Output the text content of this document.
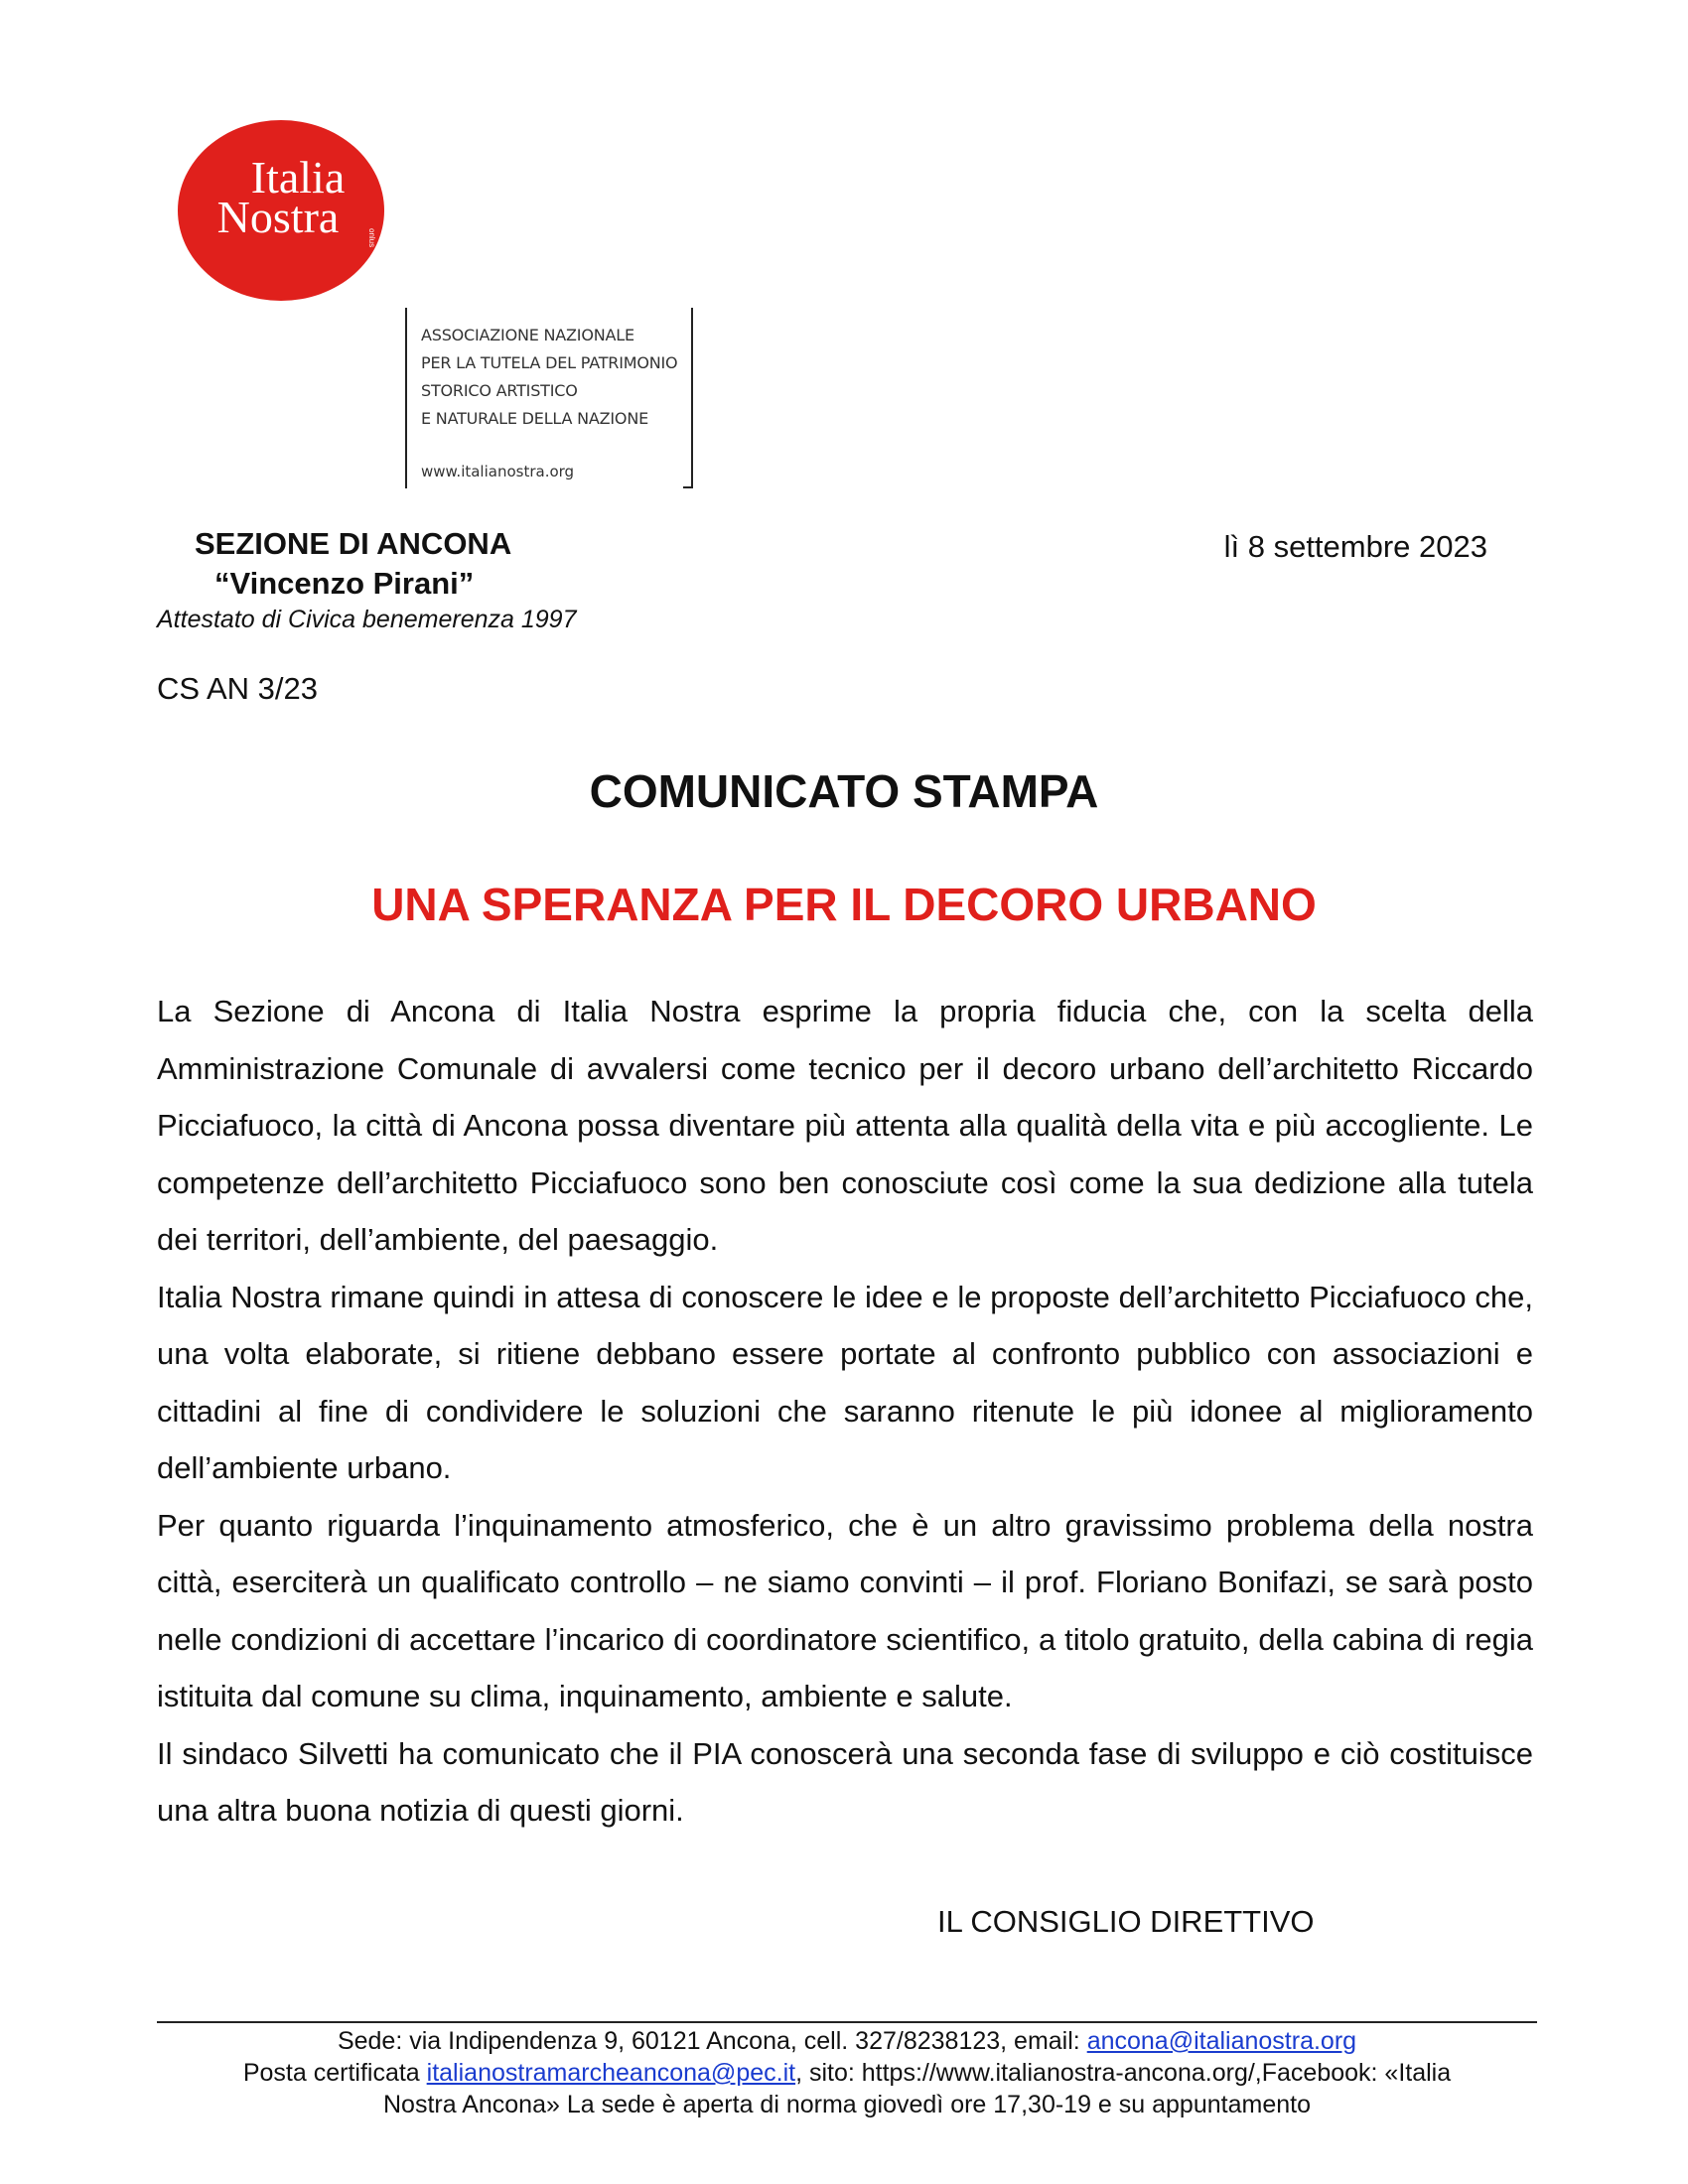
Italia
Nostra	onlus
ASSOCIAZIONE NAZIONALE
PER LA TUTELA DEL PATRIMONIO
STORICO ARTISTICO
E NATURALE DELLA NAZIONE
www.italianostra.org
SEZIONE DI ANCONA
“Vincenzo Pirani”
Attestato di Civica benemerenza 1997
lì 8 settembre 2023
CS AN 3/23
COMUNICATO STAMPA
UNA SPERANZA PER IL DECORO URBANO

La Sezione di Ancona di Italia Nostra esprime la propria fiducia che, con la scelta della Amministrazione Comunale di avvalersi come tecnico per il decoro urbano dell’architetto Riccardo Picciafuoco, la città di Ancona possa diventare più attenta alla qualità della vita e più accogliente. Le competenze dell’architetto Picciafuoco sono ben conosciute così come la sua dedizione alla tutela dei territori, dell’ambiente, del paesaggio.

Italia Nostra rimane quindi in attesa di conoscere le idee e le proposte dell’architetto Picciafuoco che, una volta elaborate, si ritiene debbano essere portate al confronto pubblico con associazioni e cittadini al fine di condividere le soluzioni che saranno ritenute le più idonee al miglioramento dell’ambiente urbano.

Per quanto riguarda l’inquinamento atmosferico, che è un altro gravissimo problema della nostra città, eserciterà un qualificato controllo – ne siamo convinti – il prof. Floriano Bonifazi, se sarà posto nelle condizioni di accettare l’incarico di coordinatore scientifico, a titolo gratuito, della cabina di regia istituita dal comune su clima, inquinamento, ambiente e salute.

Il sindaco Silvetti ha comunicato che il PIA conoscerà una seconda fase di sviluppo e ciò costituisce una altra buona notizia di questi giorni.

IL CONSIGLIO DIRETTIVO
Sede: via Indipendenza 9, 60121 Ancona, cell. 327/8238123, email: ancona@italianostra.org
Posta certificata italianostramarcheancona@pec.it, sito: https://www.italianostra-ancona.org/,Facebook: «Italia
Nostra Ancona» La sede è aperta di norma giovedì ore 17,30-19 e su appuntamento
